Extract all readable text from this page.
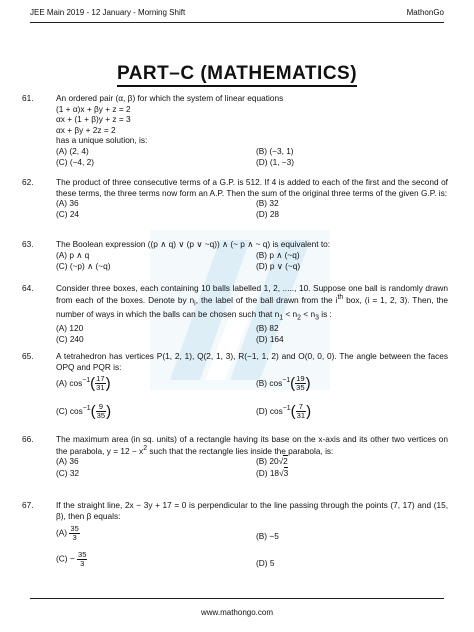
JEE Main 2019 - 12 January - Morning Shift	MathonGo
PART–C (MATHEMATICS)
61.	An ordered pair (α, β) for which the system of linear equations
(1 + α)x + βy + z = 2
αx + (1 + β)y + z = 3
αx + βy + 2z = 2
has a unique solution, is:
(A) (2, 4)	(B) (−3, 1)
(C) (−4, 2)	(D) (1, −3)
62.	The product of three consecutive terms of a G.P. is 512. If 4 is added to each of the first and the second of these terms, the three terms now form an A.P. Then the sum of the original three terms of the given G.P. is:

(A) 36	(B) 32
(C) 24	(D) 28
63.	The Boolean expression ((p ∧ q) ∨ (p ∨ ~q)) ∧ (~ p ∧ ~ q) is equivalent to:

(A) p ∧ q	(B) p ∧ (~q)
(C) (~p) ∧ (~q)	(D) p ∨ (~q)
64.	Consider three boxes, each containing 10 balls labelled 1, 2, ....., 10. Suppose one ball is randomly drawn from each of the boxes. Denote by $n_i$, the label of the ball drawn from the $i^{th}$ box, (i = 1, 2, 3). Then, the number of ways in which the balls can be chosen such that $n_1 < n_2 < n_3$ is :

(A) 120	(B) 82
(C) 240	(D) 164
65.	A tetrahedron has vertices P(1, 2, 1), Q(2, 1, 3), R(−1, 1, 2) and O(0, 0, 0). The angle between the faces OPQ and PQR is:

(A) $\cos^{-1}( \frac{17}{31}$ )	(B) $\cos^{-1}( \frac{19}{35}$ )
(C) $\cos^{-1}( \frac{9}{35}$ )	(D) $\cos^{-1}( \frac{7}{31}$ )
66.	The maximum area (in sq. units) of a rectangle having its base on the x-axis and its other two vertices on the parabola, $y = 12 - x^2$ such that the rectangle lies inside the parabola, is:

(A) 36	(B) 20√2
(C) 32	(D) 18√3
67.	If the straight line, 2x − 3y + 17 = 0 is perpendicular to the line passing through the points (7, 17) and (15, β), then β equals:

$(A) \frac{35}{3}$	(B) −5
$(C) - \frac{35}{3}$	(D) 5
www.mathongo.com
